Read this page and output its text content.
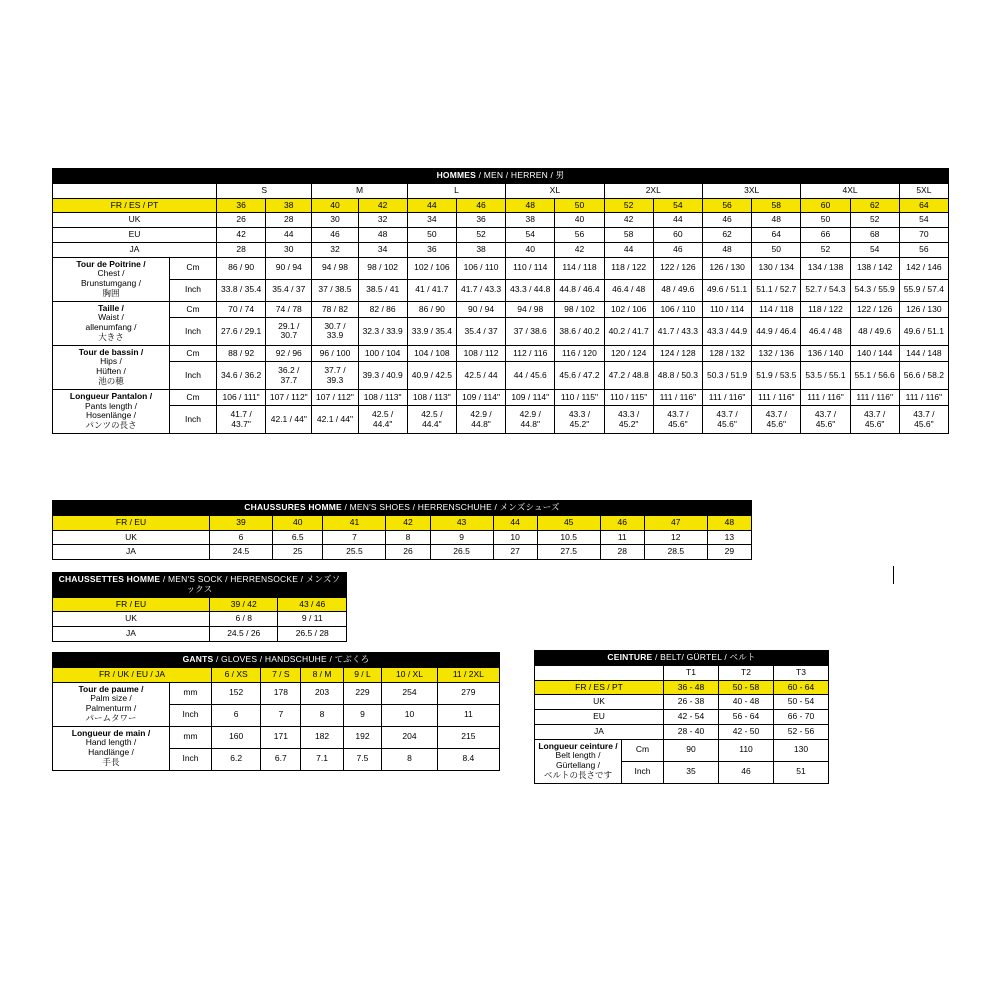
HOMMES / MEN / HERREN / 男																
		S		M		L		XL		2XL		3XL		4XL		5XL
FR / ES / PT		36	38	40	42	44	46	48	50	52	54	56	58	60	62	64
UK		26	28	30	32	34	36	38	40	42	44	46	48	50	52	54
EU		42	44	46	48	50	52	54	56	58	60	62	64	66	68	70
JA		28	30	32	34	36	38	40	42	44	46	48	50	52	54	56

Tour de Poitrine /
Chest /
Brunstumgang /
胸囲	Cm	86 / 90	90 / 94	94 / 98	98 / 102	102 / 106	106 / 110	110 / 114	114 / 118	118 / 122	122 / 126	126 / 130	130 / 134	134 / 138	138 / 142	142 / 146
	Inch	33.8 / 35.4	35.4 / 37	37 / 38.5	38.5 / 41	41 / 41.7	41.7 / 43.3	43.3 / 44.8	44.8 / 46.4	46.4 / 48	48 / 49.6	49.6 / 51.1	51.1 / 52.7	52.7 / 54.3	54.3 / 55.9	55.9 / 57.4

Taille /
Waist /
allenumfang /
大きさ	Cm	70 / 74	74 / 78	78 / 82	82 / 86	86 / 90	90 / 94	94 / 98	98 / 102	102 / 106	106 / 110	110 / 114	114 / 118	118 / 122	122 / 126	126 / 130
	Inch	27.6 / 29.1	29.1 / 30.7	30.7 / 33.9	32.3 / 33.9	33.9 / 35.4	35.4 / 37	37 / 38.6	38.6 / 40.2	40.2 / 41.7	41.7 / 43.3	43.3 / 44.9	44.9 / 46.4	46.4 / 48	48 / 49.6	49.6 / 51.1

Tour de bassin /
Hips /
Hüften /
池の穂	Cm	88 / 92	92 / 96	96 / 100	100 / 104	104 / 108	108 / 112	112 / 116	116 / 120	120 / 124	124 / 128	128 / 132	132 / 136	136 / 140	140 / 144	144 / 148
	Inch	34.6 / 36.2	36.2 / 37.7	37.7 / 39.3	39.3 / 40.9	40.9 / 42.5	42.5 / 44	44 / 45.6	45.6 / 47.2	47.2 / 48.8	48.8 / 50.3	50.3 / 51.9	51.9 / 53.5	53.5 / 55.1	55.1 / 56.6	56.6 / 58.2

Longueur Pantalon /
Pants length /
Hosenlänge /
パンツの長さ	Cm	106 / 111"	107 / 112"	107 / 112"	108 / 113"	108 / 113"	109 / 114"	109 / 114"	110 / 115"	110 / 115"	111 / 116"	111 / 116"	111 / 116"	111 / 116"	111 / 116"	111 / 116"
	Inch	41.7 / 43.7"	42.1 / 44"	42.1 / 44"	42.5 / 44.4"	42.5 / 44.4"	42.9 / 44.8"	42.9 / 44.8"	43.3 / 45.2"	43.3 / 45.2"	43.7 / 45.6"	43.7 / 45.6"	43.7 / 45.6"	43.7 / 45.6"	43.7 / 45.6"	43.7 / 45.6"
CHAUSSURES HOMME / MEN'S SHOES / HERRENSCHUHE / メンズシューズ										
FR / EU	39	40	41	42	43	44	45	46	47	48
UK	6	6.5	7	8	9	10	10.5	11	12	13
JA	24.5	25	25.5	26	26.5	27	27.5	28	28.5	29
CHAUSSETTES HOMME / MEN'S SOCK / HERRENSOCKE / メンズソックス		
FR / EU	39 / 42	43 / 46
UK	6 / 8	9 / 11
JA	24.5 / 26	26.5 / 28
GANTS / GLOVES / HANDSCHUHE / てぶくろ							
FR / UK / EU / JA		6 / XS	7 / S	8 / M	9 / L	10 / XL	11 / 2XL

Tour de paume /
Palm size /
Palmenturm /
パームタワー	mm	152	178	203	229	254	279
	Inch	6	7	8	9	10	11

Longueur de main /
Hand length /
Handlänge /
手長	mm	160	171	182	192	204	215
	Inch	6.2	6.7	7.1	7.5	8	8.4
CEINTURE / BELT/ GÜRTEL / ベルト				
		T1	T2	T3
FR / ES / PT		36 - 48	50 - 58	60 - 64
UK		26 - 38	40 - 48	50 - 54
EU		42 - 54	56 - 64	66 - 70
JA		28 - 40	42 - 50	52 - 56

Longueur ceinture /
Belt length /
Gürtellang /
ベルトの長さです	Cm	90	110	130
	Inch	35	46	51
